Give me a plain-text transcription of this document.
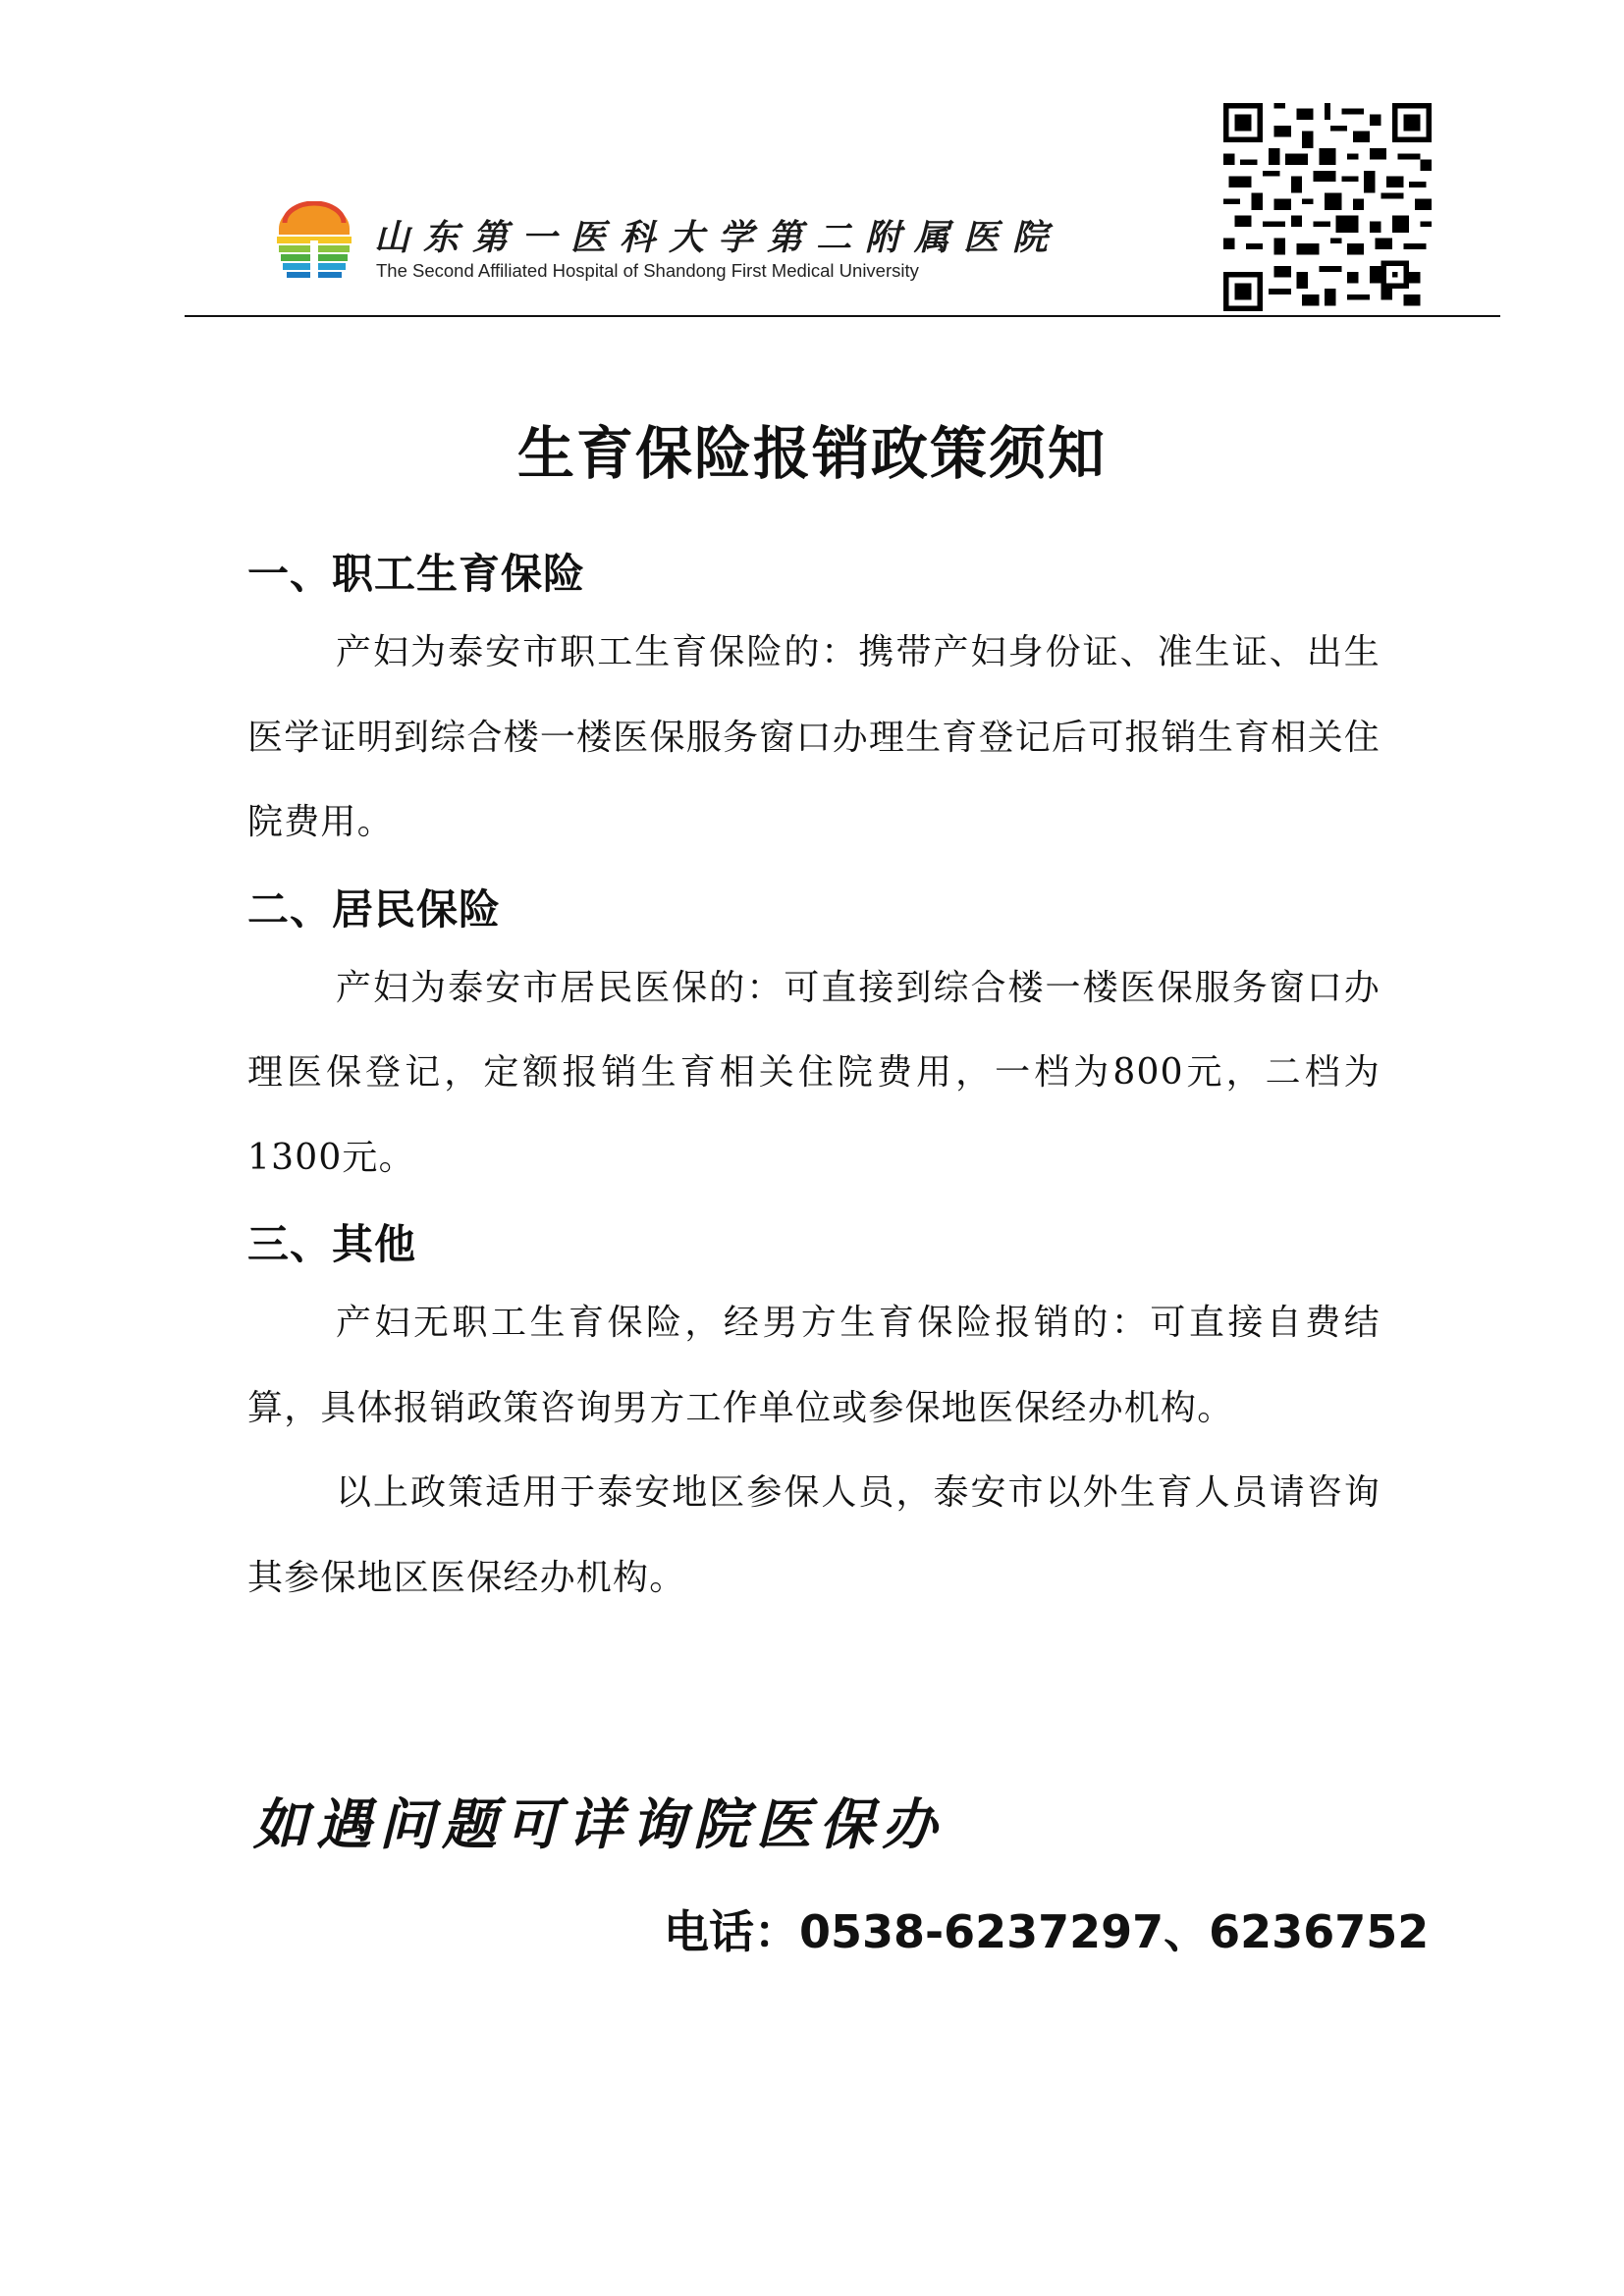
山东第一医科大学第二附属医院
The Second Affiliated Hospital of Shandong First Medical University
生育保险报销政策须知
一、职工生育保险

产妇为泰安市职工生育保险的：携带产妇身份证、准生证、出生医学证明到综合楼一楼医保服务窗口办理生育登记后可报销生育相关住院费用。

二、居民保险

产妇为泰安市居民医保的：可直接到综合楼一楼医保服务窗口办理医保登记，定额报销生育相关住院费用，一档为800元，二档为1300元。

三、其他

产妇无职工生育保险，经男方生育保险报销的：可直接自费结算，具体报销政策咨询男方工作单位或参保地医保经办机构。

以上政策适用于泰安地区参保人员，泰安市以外生育人员请咨询其参保地区医保经办机构。

如遇问题可详询院医保办
电话：0538-6237297、6236752
